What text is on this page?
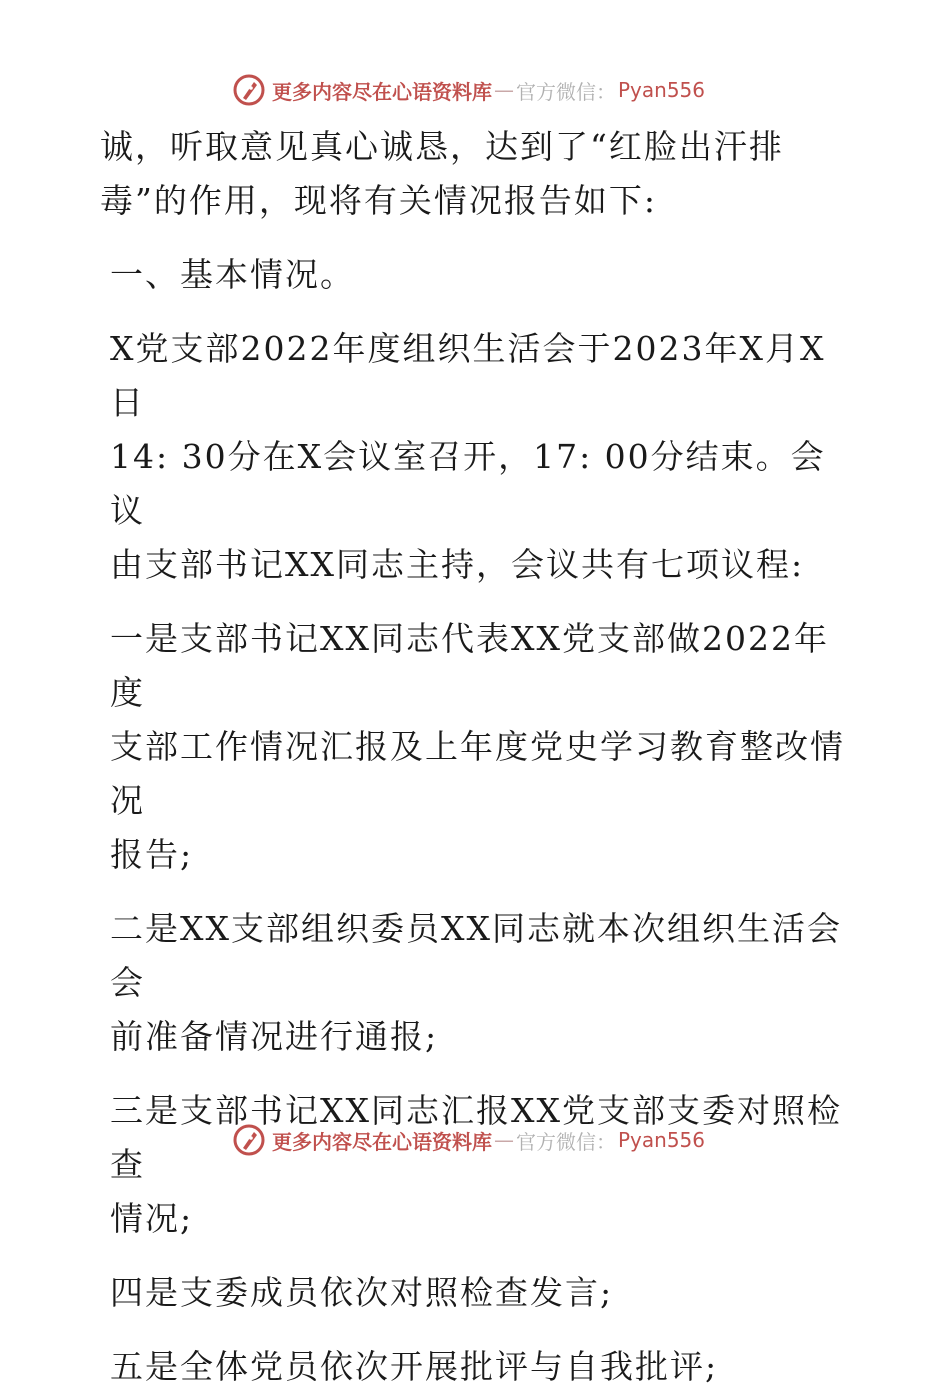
更多内容尽在心语资料库 — 官方微信： Pyan556

诚，听取意见真心诚恳，达到了“红脸出汗排
毒”的作用，现将有关情况报告如下:

一、基本情况。

X党支部2022年度组织生活会于2023年X月X日
14: 30分在X会议室召开，17: 00分结束。会议
由支部书记XX同志主持，会议共有七项议程:

一是支部书记XX同志代表XX党支部做2022年度
支部工作情况汇报及上年度党史学习教育整改情况
报告;

二是XX支部组织委员XX同志就本次组织生活会会
前准备情况进行通报;

三是支部书记XX同志汇报XX党支部支委对照检查
情况;

四是支委成员依次对照检查发言;

五是全体党员依次开展批评与自我批评;

更多内容尽在心语资料库 — 官方微信： Pyan556
